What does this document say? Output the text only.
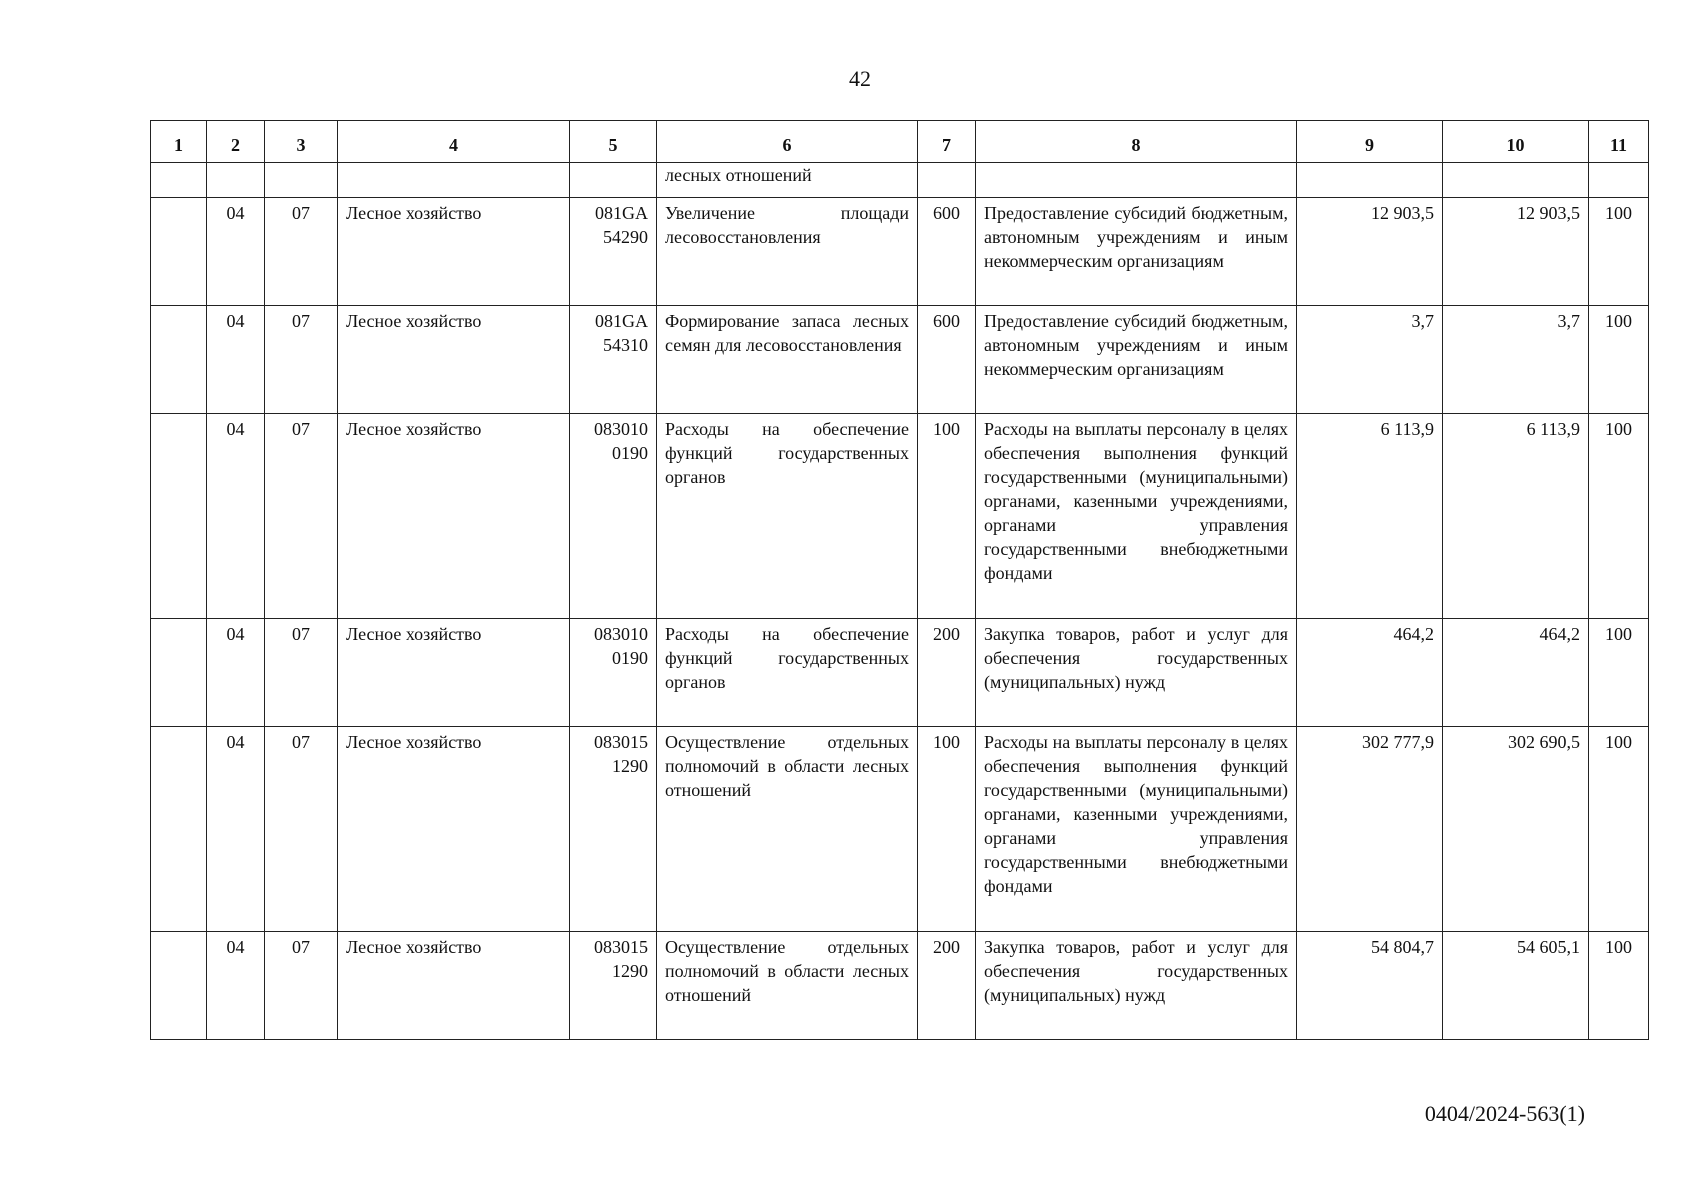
42
1	2	3	4	5	6	7	8	9	10	11
					лесных отношений					
	04	07	Лесное хозяйство	081GA 54290	Увеличение площади лесовосстановления	600	Предоставление субсидий бюджетным, автономным учреждениям и иным некоммерческим организациям	12 903,5	12 903,5	100
	04	07	Лесное хозяйство	081GA 54310	Формирование запаса лесных семян для лесовосстановления	600	Предоставление субсидий бюджетным, автономным учреждениям и иным некоммерческим организациям	3,7	3,7	100
	04	07	Лесное хозяйство	083010 0190	Расходы на обеспечение функций государственных органов	100	Расходы на выплаты персоналу в целях обеспечения выполнения функций государственными (муниципальными) органами, казенными учреждениями, органами управления государственными внебюджетными фондами	6 113,9	6 113,9	100
	04	07	Лесное хозяйство	083010 0190	Расходы на обеспечение функций государственных органов	200	Закупка товаров, работ и услуг для обеспечения государственных (муниципальных) нужд	464,2	464,2	100
	04	07	Лесное хозяйство	083015 1290	Осуществление отдельных полномочий в области лесных отношений	100	Расходы на выплаты персоналу в целях обеспечения выполнения функций государственными (муниципальными) органами, казенными учреждениями, органами управления государственными внебюджетными фондами	302 777,9	302 690,5	100
	04	07	Лесное хозяйство	083015 1290	Осуществление отдельных полномочий в области лесных отношений	200	Закупка товаров, работ и услуг для обеспечения государственных (муниципальных) нужд	54 804,7	54 605,1	100
0404/2024-563(1)
